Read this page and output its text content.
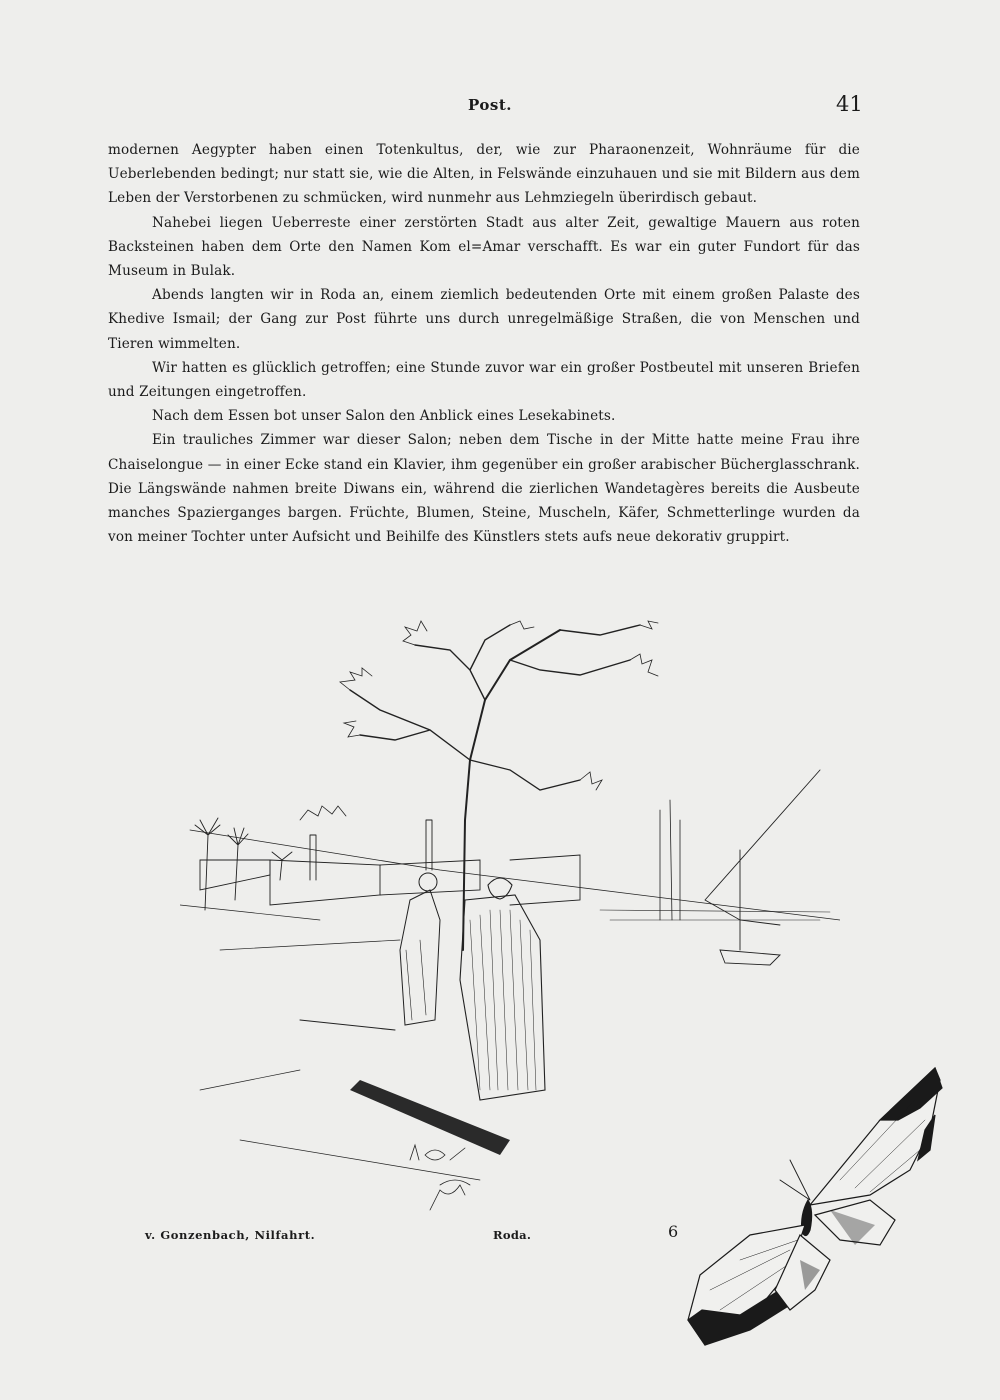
Post.	41

modernen Aegypter haben einen Totenkultus, der, wie zur Pharaonenzeit, Wohnräume für die Ueberlebenden bedingt; nur statt sie, wie die Alten, in Felswände einzuhauen und sie mit Bildern aus dem Leben der Verstorbenen zu schmücken, wird nunmehr aus Lehmziegeln überirdisch gebaut.

Nahebei liegen Ueberreste einer zerstörten Stadt aus alter Zeit, gewaltige Mauern aus roten Backsteinen haben dem Orte den Namen Kom el=Amar verschafft. Es war ein guter Fundort für das Museum in Bulak.

Abends langten wir in Roda an, einem ziemlich bedeutenden Orte mit einem großen Palaste des Khedive Ismail; der Gang zur Post führte uns durch unregelmäßige Straßen, die von Menschen und Tieren wimmelten.

Wir hatten es glücklich getroffen; eine Stunde zuvor war ein großer Postbeutel mit unseren Briefen und Zeitungen eingetroffen.

Nach dem Essen bot unser Salon den Anblick eines Lesekabinets.

Ein trauliches Zimmer war dieser Salon; neben dem Tische in der Mitte hatte meine Frau ihre Chaiselongue — in einer Ecke stand ein Klavier, ihm gegenüber ein großer arabischer Bücherglasschrank. Die Längswände nahmen breite Diwans ein, während die zierlichen Wandetagères bereits die Ausbeute manches Spazierganges bargen. Früchte, Blumen, Steine, Muscheln, Käfer, Schmetterlinge wurden da von meiner Tochter unter Aufsicht und Beihilfe des Künstlers stets aufs neue dekorativ gruppirt.

v. Gonzenbach, Nilfahrt.	Roda.	6
